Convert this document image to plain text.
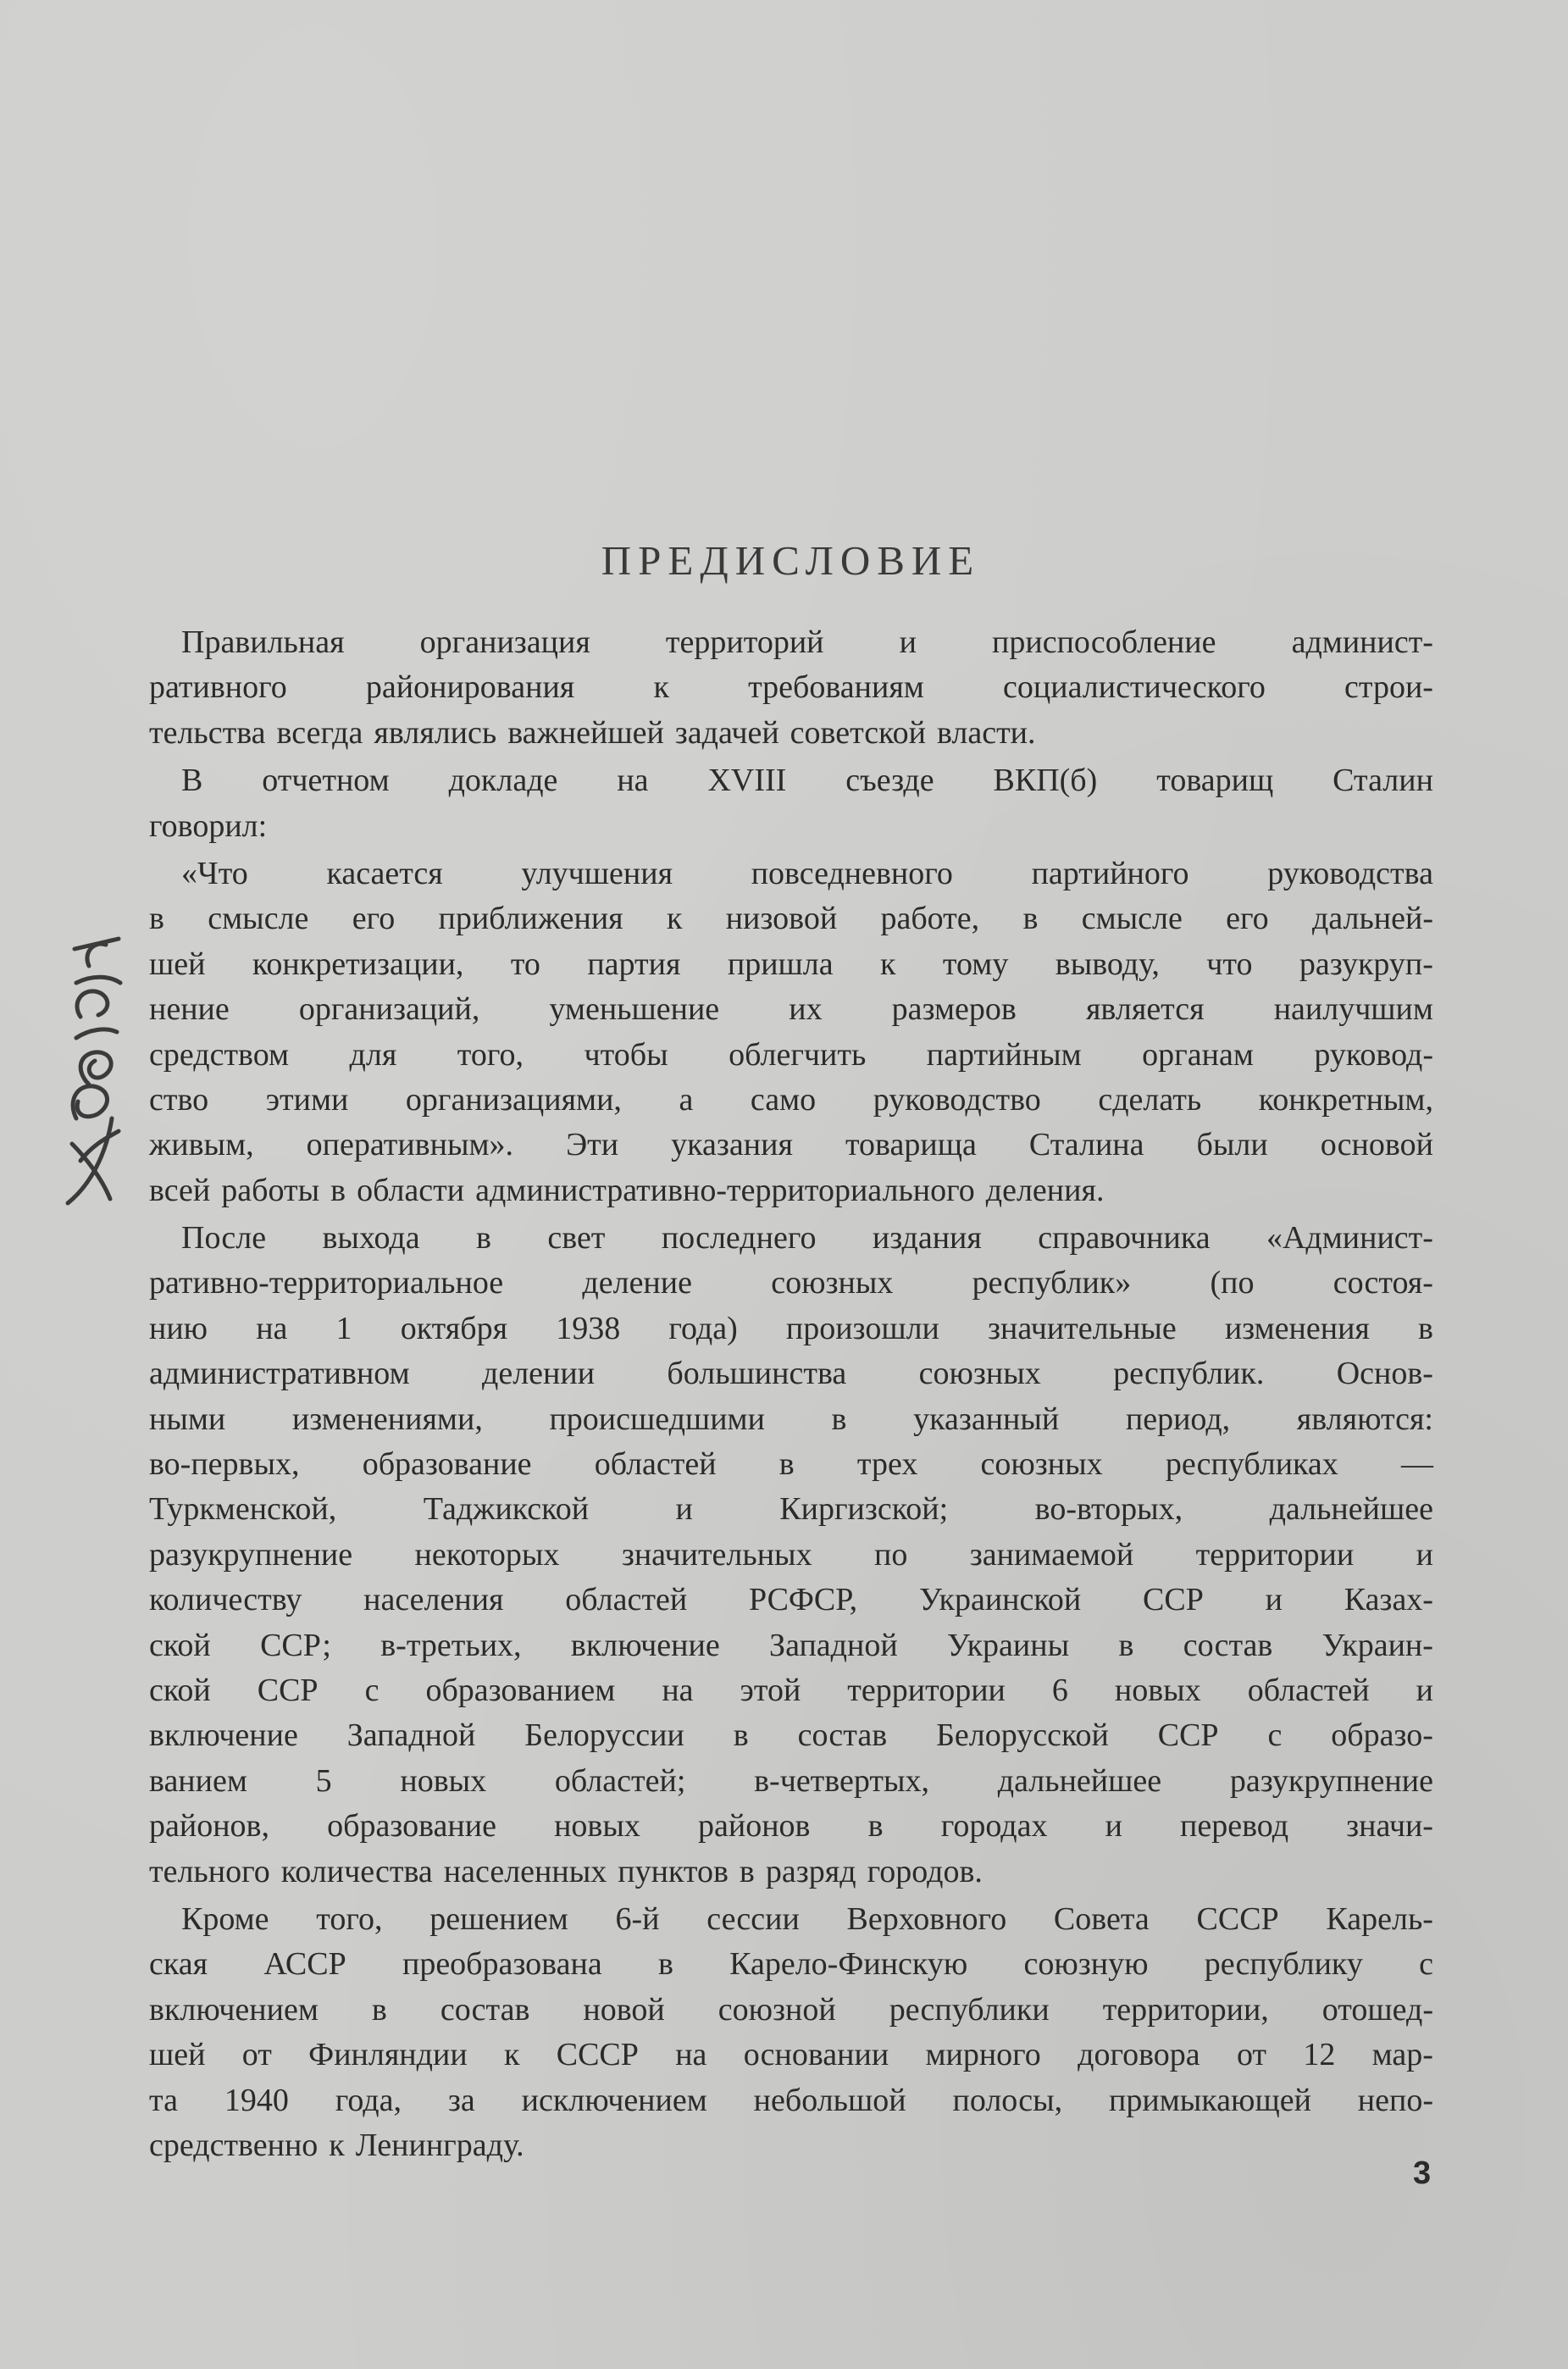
ПРЕДИСЛОВИЕ
Правильная организация территорий и приспособление админист-
ративного районирования к требованиям социалистического строи-
тельства всегда являлись важнейшей задачей советской власти.
В отчетном докладе на XVIII съезде ВКП(б) товарищ Сталин
говорил:
«Что касается улучшения повседневного партийного руководства
в смысле его приближения к низовой работе, в смысле его дальней-
шей конкретизации, то партия пришла к тому выводу, что разукруп-
нение организаций, уменьшение их размеров является наилучшим
средством для того, чтобы облегчить партийным органам руковод-
ство этими организациями, а само руководство сделать конкретным,
живым, оперативным». Эти указания товарища Сталина были основой
всей работы в области административно-территориального деления.
После выхода в свет последнего издания справочника «Админист-
ративно-территориальное деление союзных республик» (по состоя-
нию на 1 октября 1938 года) произошли значительные изменения в
административном делении большинства союзных республик. Основ-
ными изменениями, происшедшими в указанный период, являются:
во-первых, образование областей в трех союзных республиках —
Туркменской,	Таджикской	и	Киргизской;	во-вторых,	дальнейшее
разукрупнение некоторых значительных по занимаемой территории и
количеству населения областей РСФСР, Украинской ССР и Казах-
ской ССР; в-третьих, включение Западной Украины в состав Украин-
ской ССР с образованием на этой территории 6 новых областей и
включение Западной Белоруссии в состав Белорусской ССР с образо-
ванием 5 новых областей; в-четвертых, дальнейшее разукрупнение
районов, образование новых районов в городах и перевод значи-
тельного количества населенных пунктов в разряд городов.
Кроме того, решением 6-й сессии Верховного Совета СССР Карель-
ская АССР преобразована в Карело-Финскую союзную республику с
включением в состав новой союзной республики территории, отошед-
шей от Финляндии к СССР на основании мирного договора от 12 мар-
та 1940 года, за исключением небольшой полосы, примыкающей непо-
средственно к Ленинграду.
3
